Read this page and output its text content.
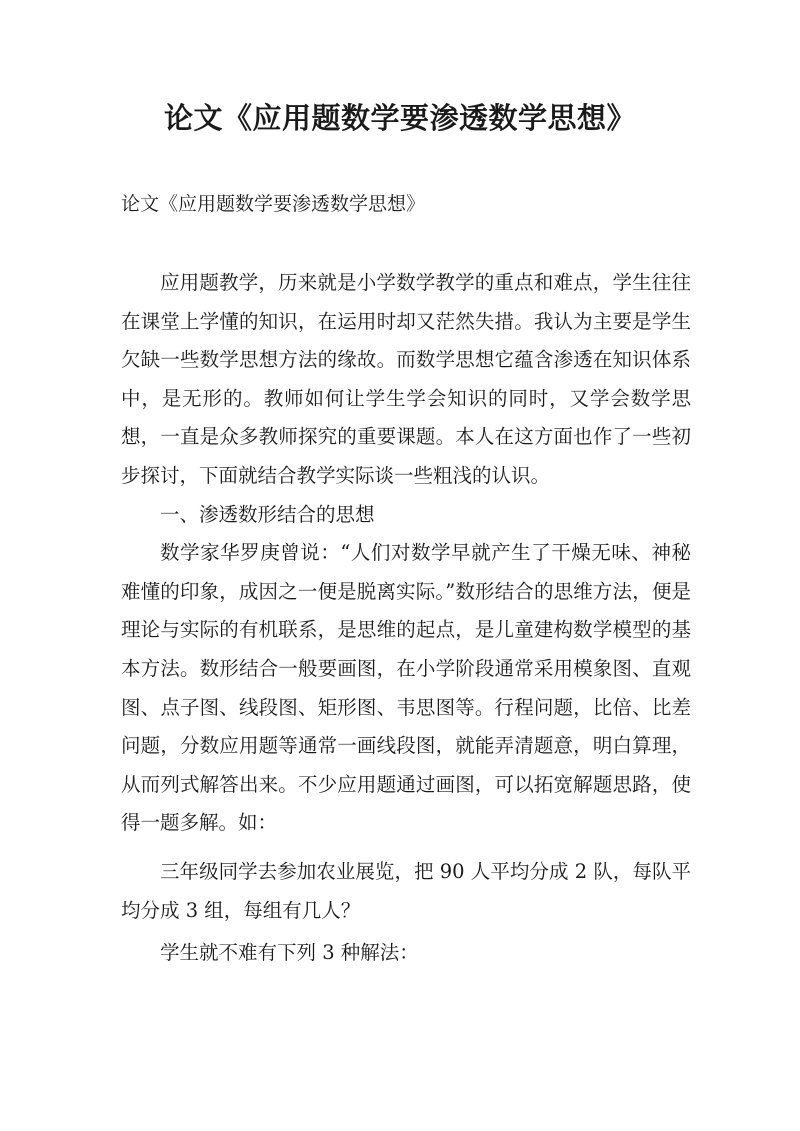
论文《应用题数学要渗透数学思想》

论文《应用题数学要渗透数学思想》

应用题教学，历来就是小学数学教学的重点和难点，学生往往在课堂上学懂的知识，在运用时却又茫然失措。我认为主要是学生欠缺一些数学思想方法的缘故。而数学思想它蕴含渗透在知识体系中，是无形的。教师如何让学生学会知识的同时，又学会数学思想，一直是众多教师探究的重要课题。本人在这方面也作了一些初步探讨，下面就结合教学实际谈一些粗浅的认识。

一、渗透数形结合的思想

数学家华罗庚曾说：“人们对数学早就产生了干燥无味、神秘难懂的印象，成因之一便是脱离实际。”数形结合的思维方法，便是理论与实际的有机联系，是思维的起点，是儿童建构数学模型的基本方法。数形结合一般要画图，在小学阶段通常采用模象图、直观图、点子图、线段图、矩形图、韦思图等。行程问题，比倍、比差问题，分数应用题等通常一画线段图，就能弄清题意，明白算理，从而列式解答出来。不少应用题通过画图，可以拓宽解题思路，使得一题多解。如：

三年级同学去参加农业展览，把 90 人平均分成 2 队，每队平均分成 3 组，每组有几人？

学生就不难有下列 3 种解法：
